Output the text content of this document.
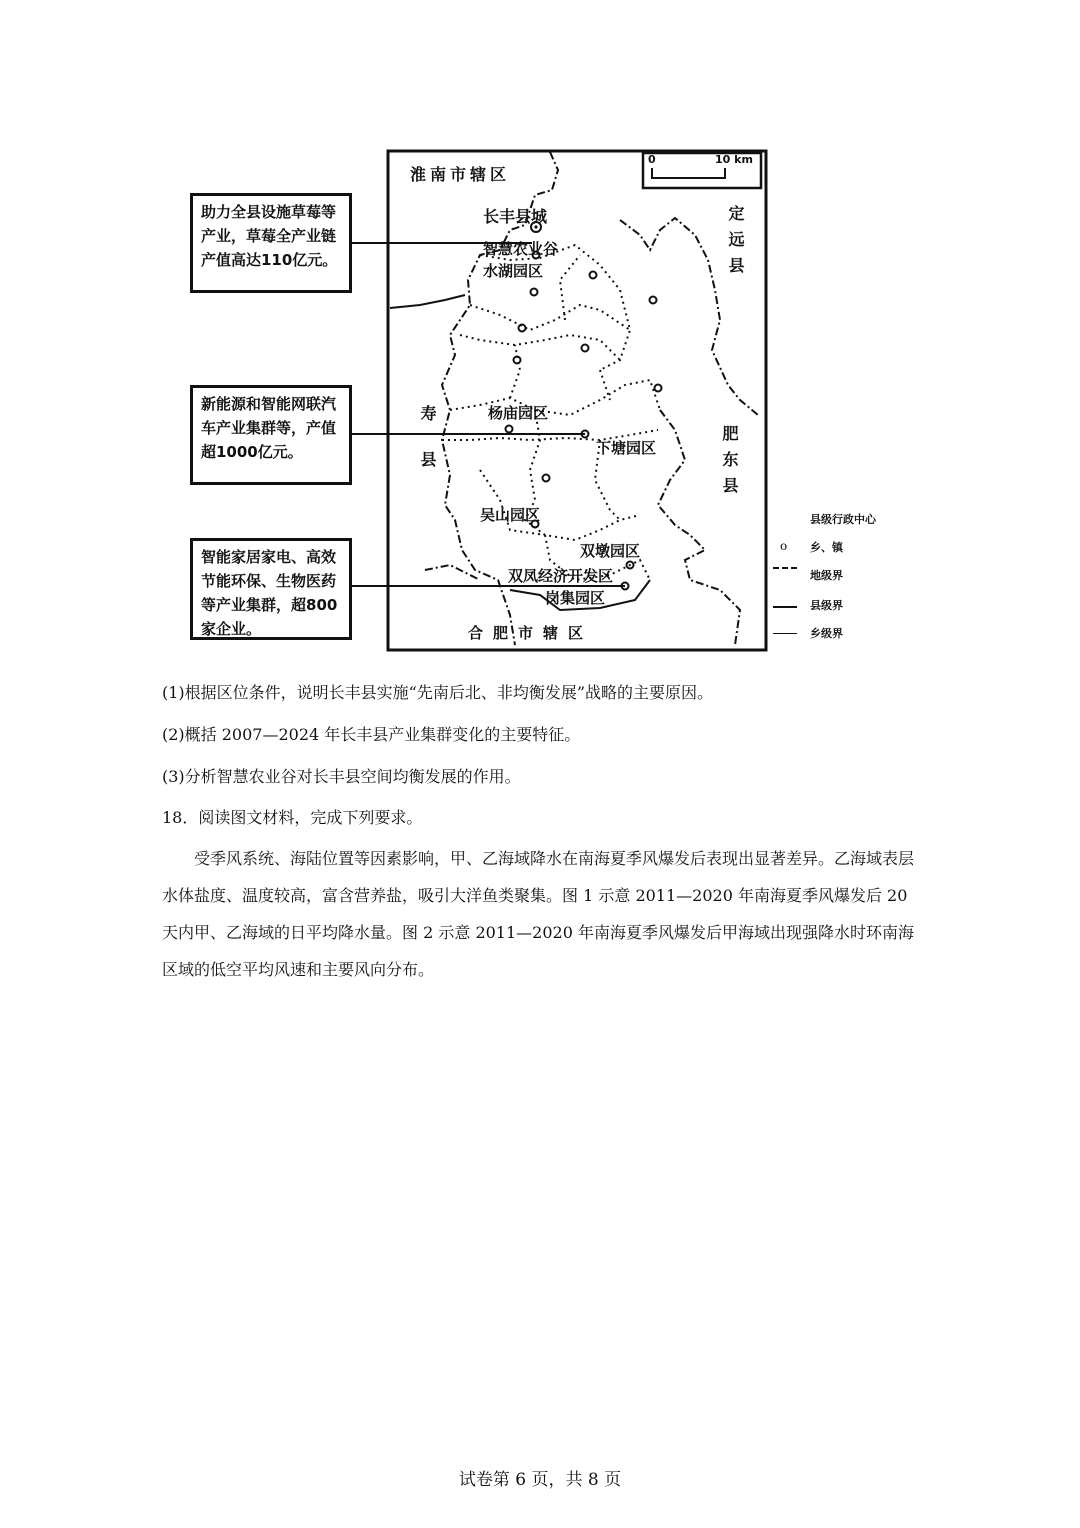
淮南市辖区
合肥市辖区
寿县
定远县
肥东县
0	10 km
长丰县城
智慧农业谷
水湖园区
杨庙园区
下塘园区
吴山园区
双墩园区
双凤经济开发区
岗集园区
助力全县设施草莓等产业，草莓全产业链产值高达110亿元。
新能源和智能网联汽车产业集群等，产值超1000亿元。
智能家居家电、高效节能环保、生物医药等产业集群，超800家企业。
县级行政中心
o 乡、镇
地级界
县级界
乡级界
(1)根据区位条件，说明长丰县实施“先南后北、非均衡发展”战略的主要原因。
(2)概括 2007—2024 年长丰县产业集群变化的主要特征。
(3)分析智慧农业谷对长丰县空间均衡发展的作用。
18．阅读图文材料，完成下列要求。
受季风系统、海陆位置等因素影响，甲、乙海域降水在南海夏季风爆发后表现出显著差异。乙海域表层水体盐度、温度较高，富含营养盐，吸引大洋鱼类聚集。图 1 示意 2011—2020 年南海夏季风爆发后 20 天内甲、乙海域的日平均降水量。图 2 示意 2011—2020 年南海夏季风爆发后甲海域出现强降水时环南海区域的低空平均风速和主要风向分布。
试卷第 6 页，共 8 页
